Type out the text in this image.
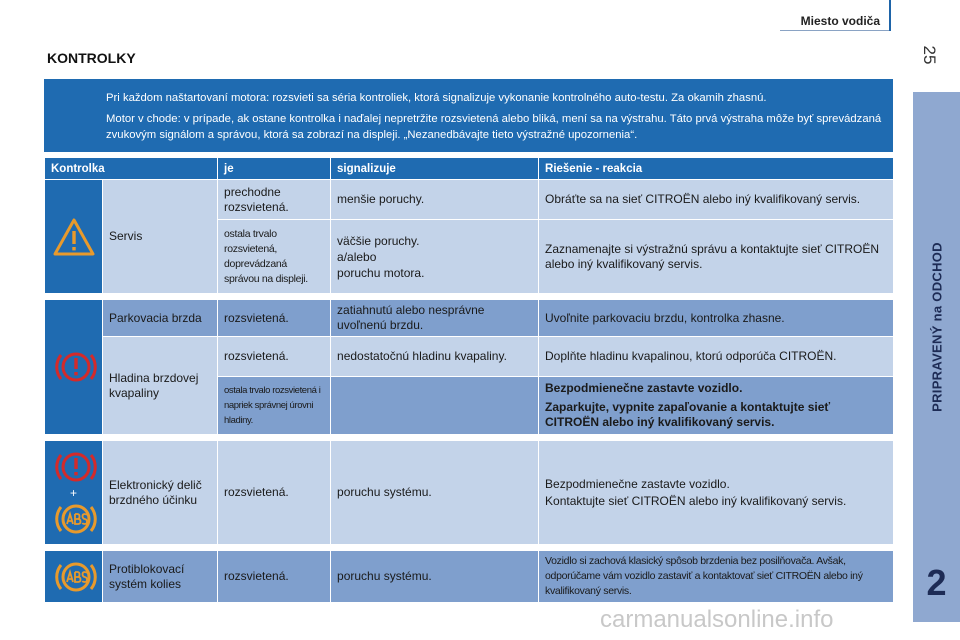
Miesto vodiča
25
PRIPRAVENÝ na ODCHOD
2
KONTROLKY

Pri každom naštartovaní motora: rozsvieti sa séria kontroliek, ktorá signalizuje vykonanie kontrolného auto-testu. Za okamih zhasnú.

Motor v chode: v prípade, ak ostane kontrolka i naďalej nepretržite rozsvietená alebo bliká, mení sa na výstrahu. Táto prvá výstraha môže byť sprevádzaná zvukovým signálom a správou, ktorá sa zobrazí na displeji. „Nezanedbávajte tieto výstražné upozornenia“.

Kontrolka		je	signalizuje	Riešenie - reakcia

	Servis	prechodne rozsvietená.	menšie poruchy.	Obráťte sa na sieť CITROËN alebo iný kvalifikovaný servis.
		ostala trvalo rozsvietená, doprevádzaná správou na displeji.	väčšie poruchy.
a/alebo
poruchu motora.	Zaznamenajte si výstražnú správu a kontaktujte sieť CITROËN alebo iný kvalifikovaný servis.

	Parkovacia brzda	rozsvietená.	zatiahnutú alebo nesprávne uvoľnenú brzdu.	Uvoľnite parkovaciu brzdu, kontrolka zhasne.
	Hladina brzdovej kvapaliny	rozsvietená.	nedostatočnú hladinu kvapaliny.	Doplňte hladinu kvapalinou, ktorú odporúča CITROËN.
		ostala trvalo rozsvietená i napriek správnej úrovni hladiny.		Bezpodmienečne zastavte vozidlo.
Zaparkujte, vypnite zapaľovanie a kontaktujte sieť CITROËN alebo iný kvalifikovaný servis.

+	Elektronický delič brzdného účinku	rozsvietená.	poruchu systému.	Bezpodmienečne zastavte vozidlo.
Kontaktujte sieť CITROËN alebo iný kvalifikovaný servis.

	Protiblokovací systém kolies	rozsvietená.	poruchu systému.	Vozidlo si zachová klasický spôsob brzdenia bez posilňovača. Avšak, odporúčame vám vozidlo zastaviť a kontaktovať sieť CITROËN alebo iný kvalifikovaný servis.
carmanualsonline.info
